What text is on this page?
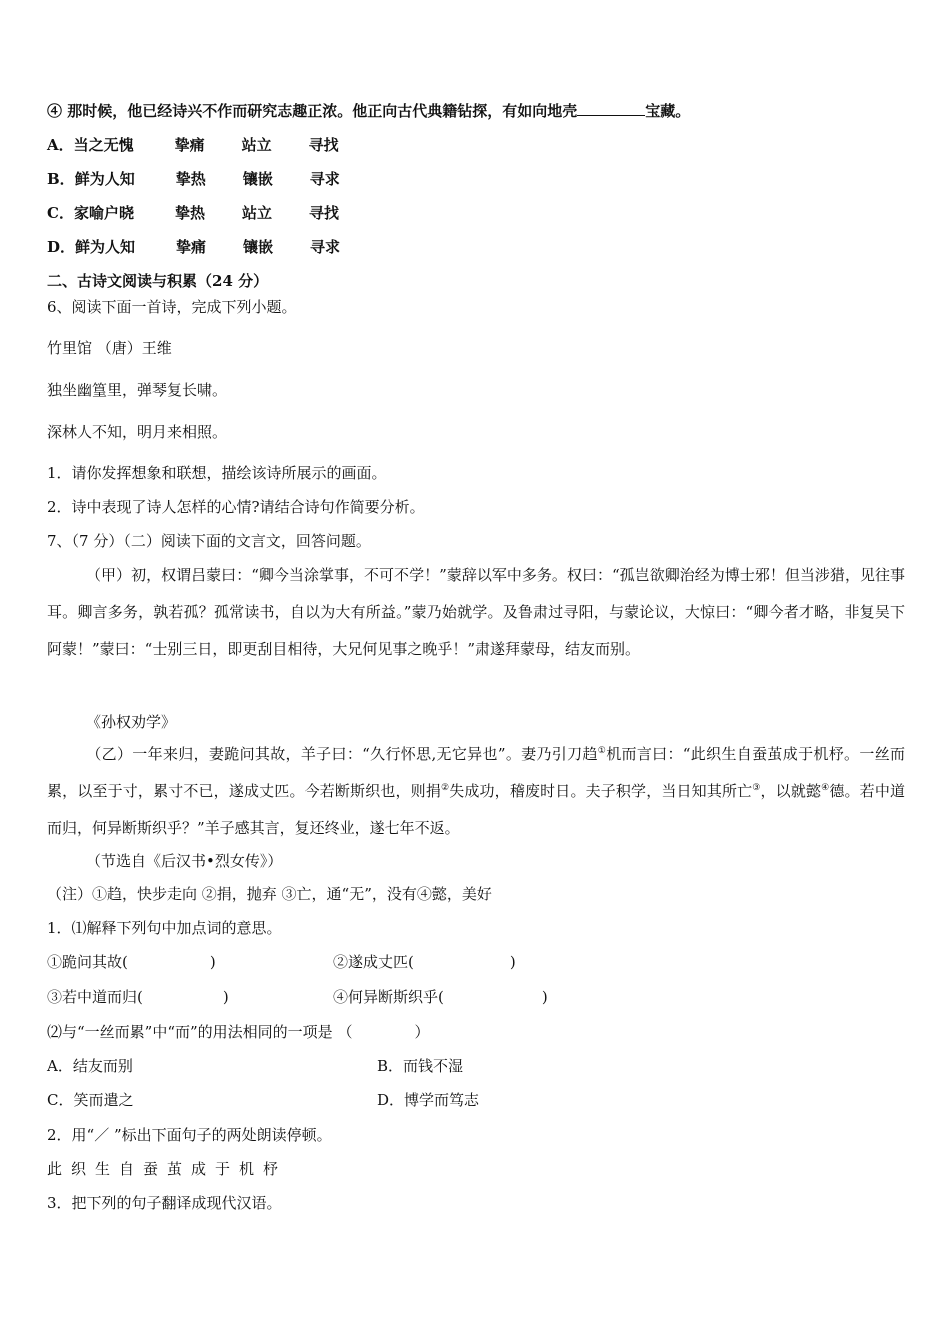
④ 那时候，他已经诗兴不作而研究志趣正浓。他正向古代典籍钻探，有如向地壳	宝藏。
A．当之无愧	挚痛 站立 寻找
B．鲜为人知	挚热 镶嵌 寻求
C．家喻户晓	挚热 站立 寻找
D．鲜为人知	挚痛 镶嵌 寻求
二、古诗文阅读与积累（24 分）
6、阅读下面一首诗，完成下列小题。
竹里馆 （唐）王维
独坐幽篁里，弹琴复长啸。
深林人不知，明月来相照。
1．请你发挥想象和联想，描绘该诗所展示的画面。
2．诗中表现了诗人怎样的心情?请结合诗句作简要分析。
7、（7 分）（二）阅读下面的文言文，回答问题。
（甲）初，权谓吕蒙曰：“卿今当涂掌事，不可不学！”蒙辞以军中多务。权曰：“孤岂欲卿治经为博士邪！但当涉猎，见往事耳。卿言多务，孰若孤？孤常读书，自以为大有所益。”蒙乃始就学。及鲁肃过寻阳，与蒙论议，大惊曰：“卿今者才略，非复吴下阿蒙！”蒙曰：“士别三日，即更刮目相待，大兄何见事之晚乎！”肃遂拜蒙母，结友而别。
《孙权劝学》
（乙）一年来归，妻跪问其故，羊子曰：“久行怀思,无它异也”。妻乃引刀趋①机而言曰：“此织生自蚕茧成于机杼。一丝而累，以至于寸，累寸不已，遂成丈匹。今若断斯织也，则捐②失成功，稽废时日。夫子积学，当日知其所亡③，以就懿④德。若中道而归，何异断斯织乎？”羊子感其言，复还终业，遂七年不返。
（节选自《后汉书•烈女传》）
（注）①趋，快步走向 ②捐，抛弃 ③亡，通“无”，没有④懿，美好
1．⑴解释下列句中加点词的意思。
①跪问其故(	)	②遂成丈匹(	)
③若中道而归(	)	④何异断斯织乎(	)
⑵与“一丝而累”中“而”的用法相同的一项是 （	）
A．结友而别	B．而钱不湿
C．笑而遣之	D．博学而笃志
2．用“／ ”标出下面句子的两处朗读停顿。
此织生自蚕茧成于机杼
3．把下列的句子翻译成现代汉语。
